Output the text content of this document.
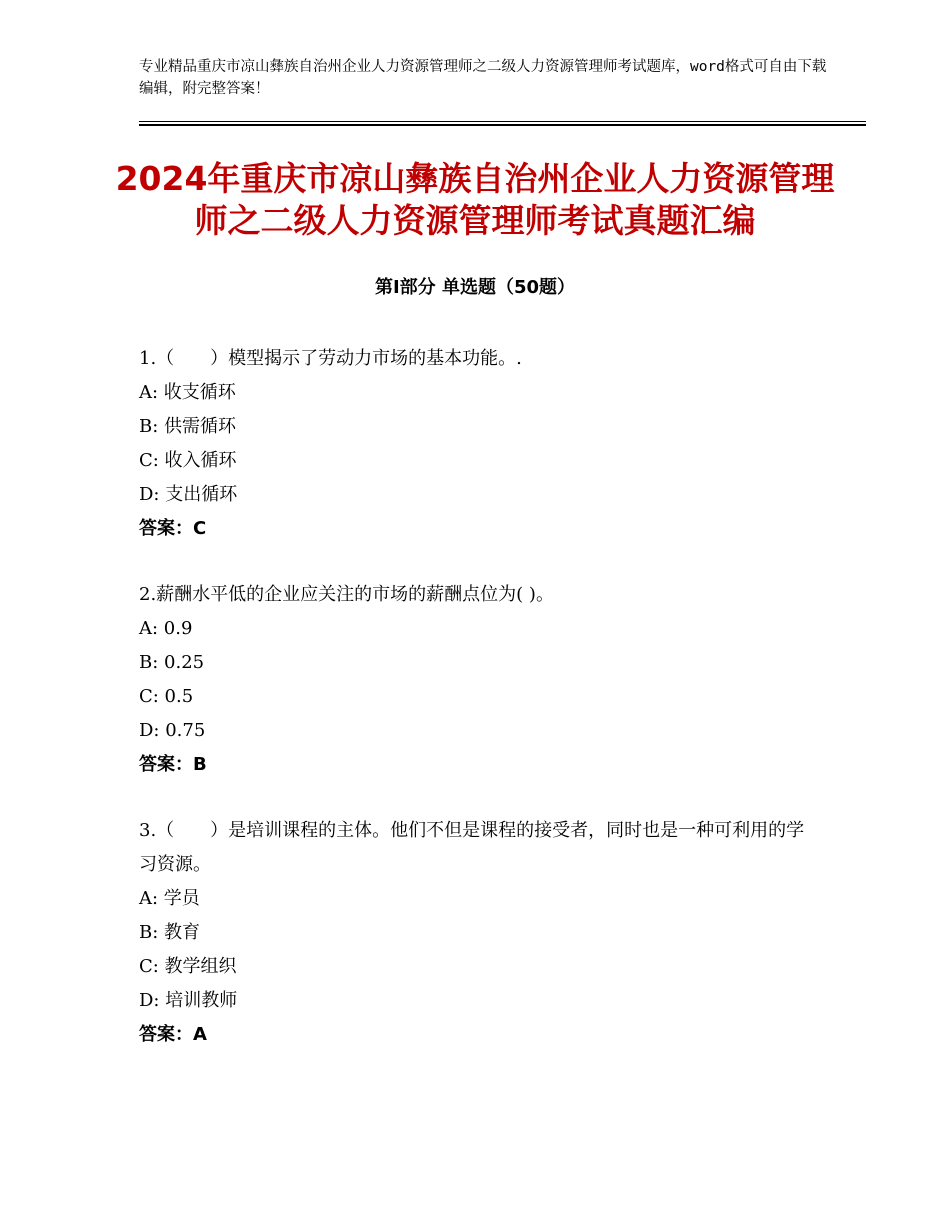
专业精品重庆市凉山彝族自治州企业人力资源管理师之二级人力资源管理师考试题库，word格式可自由下载编辑，附完整答案！
2024年重庆市凉山彝族自治州企业人力资源管理师之二级人力资源管理师考试真题汇编
第Ⅰ部分 单选题（50题）

1.（　　）模型揭示了劳动力市场的基本功能。.

A: 收支循环

B: 供需循环

C: 收入循环

D: 支出循环

答案：C

2.薪酬水平低的企业应关注的市场的薪酬点位为( )。

A: 0.9

B: 0.25

C: 0.5

D: 0.75

答案：B

3.（　　）是培训课程的主体。他们不但是课程的接受者，同时也是一种可利用的学习资源。

A: 学员

B: 教育

C: 教学组织

D: 培训教师

答案：A
